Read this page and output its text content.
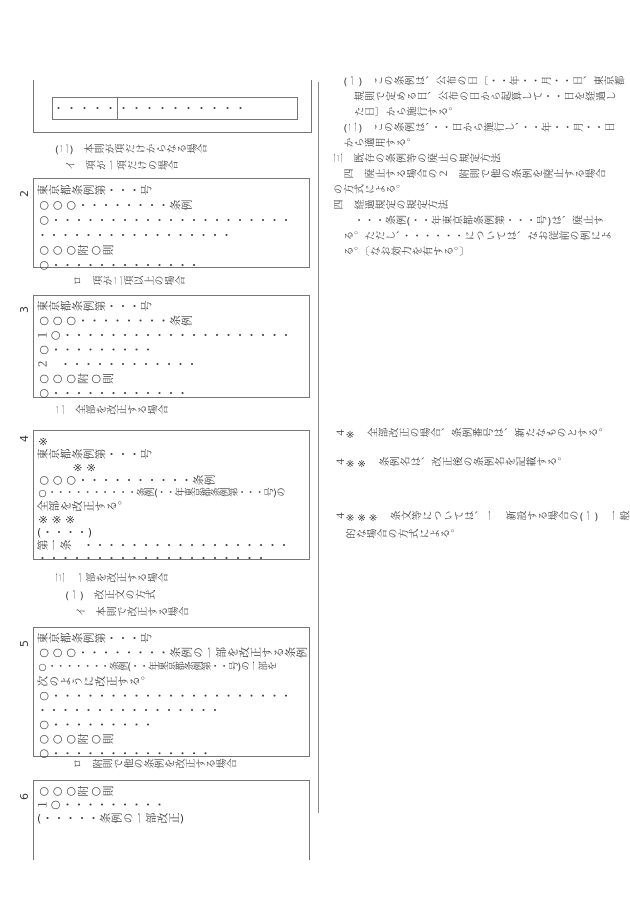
・・・・・ ・・・・・・・・・・
(二)　本則が項だけからなる場合
　イ　項が一項だけの場合
2 東京都条例第・・・号
○○○・・・・・・・・条例
○・・・・・・・・・・・・・・・・・・・・・
・・・・・・・・・・・・・・・・・
○○○附○則
○・・・・・・・・・・・・・
ロ　項が二項以上の場合
3 東京都条例第・・・号
○○○・・・・・・・・条例
１○・・・・・・・・・・・・・・・・・・・・
○・・・・・・・・・
２　・・・・・・・・・・・・
○○○附○則
○・・・・・・・・・・・・
二　全部を改正する場合
4 ※
東京都条例第・・・号
　　　※※
○○○・・・・・・・・・・条例
○・・・・・・・・・・条例(・・年東京都条例第・・・号)の
全部を改正する。
※※※
(・・・・)
第一条　・・・・・・・・・・・・・・・・・・
・・・・・・・・・・・・・・・・・・・・
三　一部を改正する場合
　(一)　改正文の方式
　　イ　本則で改正する場合
5 東京都条例第・・・号
○○○・・・・・・・・条例の一部を改正する条例
○・・・・・・・条例(・・年東京都条例第・・号)の一部を
次のように改正する。
○・・・・・・・・・・・・・・・・・・・・・
・・・・・・・・・・・・・・・・
○・・・・・・・・・
○○○附○則
○・・・・・・・・・・・・・・
ロ　附則で他の条例を改正する場合
6 ○○○附○則
１○・・・・・・・・・
(・・・・・条例の一部改正)
　(一)　この条例は、公布の日〔・・年・・月・・日、東京都
　　規則で定める日、公布の日から起算して・・日を経過し
　　た日〕から施行する。
　(二)　この条例は、・・日から施行し、・・年・・月・・日
　から適用する。
三　既存の条例等の廃止の規定方法
　四　廃止する場合の２　附則で他の条例を廃止する場合
の方式による。
四　経過規定の規定方法
　　・・・条例(・・年東京都条例第・・・号)は、廃止す
　る。ただし、・・・・・・については、なお従前の例によ
　る。〔なお効力を有する。〕
４※　全部改正の場合、条例番号は、新たなものとする。
４※※　条例名は、改正後の条例名を記載する。
４※※※　条文等については、一　新設する場合の(一)　一般
　的な場合の方式による。
